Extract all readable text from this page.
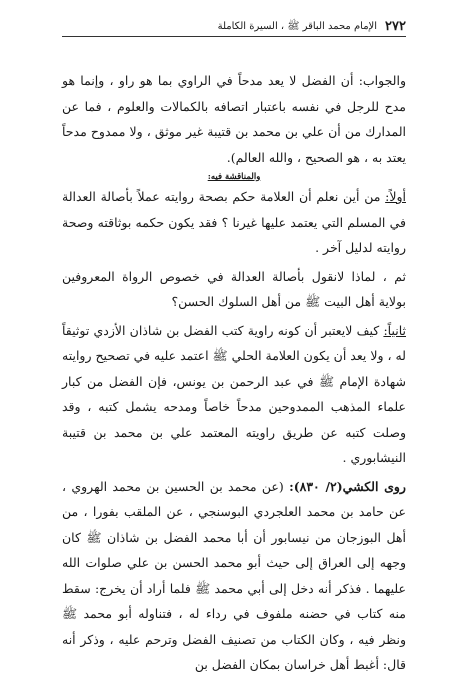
٢٧٢
الإمام محمد الباقر ﷺ ، السيرة الكاملة

والجواب: أن الفضل لا يعد مدحاً في الراوي بما هو راو ، وإنما هو مدح للرجل في نفسه باعتبار اتصافه بالكمالات والعلوم ، فما عن المدارك من أن علي بن محمد بن قتيبة غير موثق ، ولا ممدوح مدحاً يعتد به ، هو الصحيح ، والله العالم).

والمناقشة فيه:

أولاً: من أين نعلم أن العلامة حكم بصحة روايته عملاً بأصالة العدالة في المسلم التي يعتمد عليها غيرنا ؟ فقد يكون حكمه بوثاقته وصحة روايته لدليل آخر .

ثم ، لماذا لانقول بأصالة العدالة في خصوص الرواة المعروفين بولاية أهل البيت ﷺ من أهل السلوك الحسن؟

ثانياً: كيف لايعتبر أن كونه راوية كتب الفضل بن شاذان الأزدي توثيقاً له ، ولا يعد أن يكون العلامة الحلي ﷺ اعتمد عليه في تصحيح روايته شهادة الإمام ﷺ في عبد الرحمن بن يونس، فإن الفضل من كبار علماء المذهب الممدوحين مدحاً خاصاً ومدحه يشمل كتبه ، وقد وصلت كتبه عن طريق راويته المعتمد علي بن محمد بن قتيبة النيشابوري .

روى الكشي(٢/ ٨٣٠): (عن محمد بن الحسين بن محمد الهروي ، عن حامد بن محمد العلجردي البوسنجي ، عن الملقب بفورا ، من أهل البوزجان من نيسابور أن أبا محمد الفضل بن شاذان ﷺ كان وجهه إلى العراق إلى حيث أبو محمد الحسن بن علي صلوات الله عليهما . فذكر أنه دخل إلى أبي محمد ﷺ فلما أراد أن يخرج: سقط منه كتاب في حضنه ملفوف في رداء له ، فتناوله أبو محمد ﷺ ونظر فيه ، وكان الكتاب من تصنيف الفضل وترحم عليه ، وذكر أنه قال: أغبط أهل خراسان بمكان الفضل بن
